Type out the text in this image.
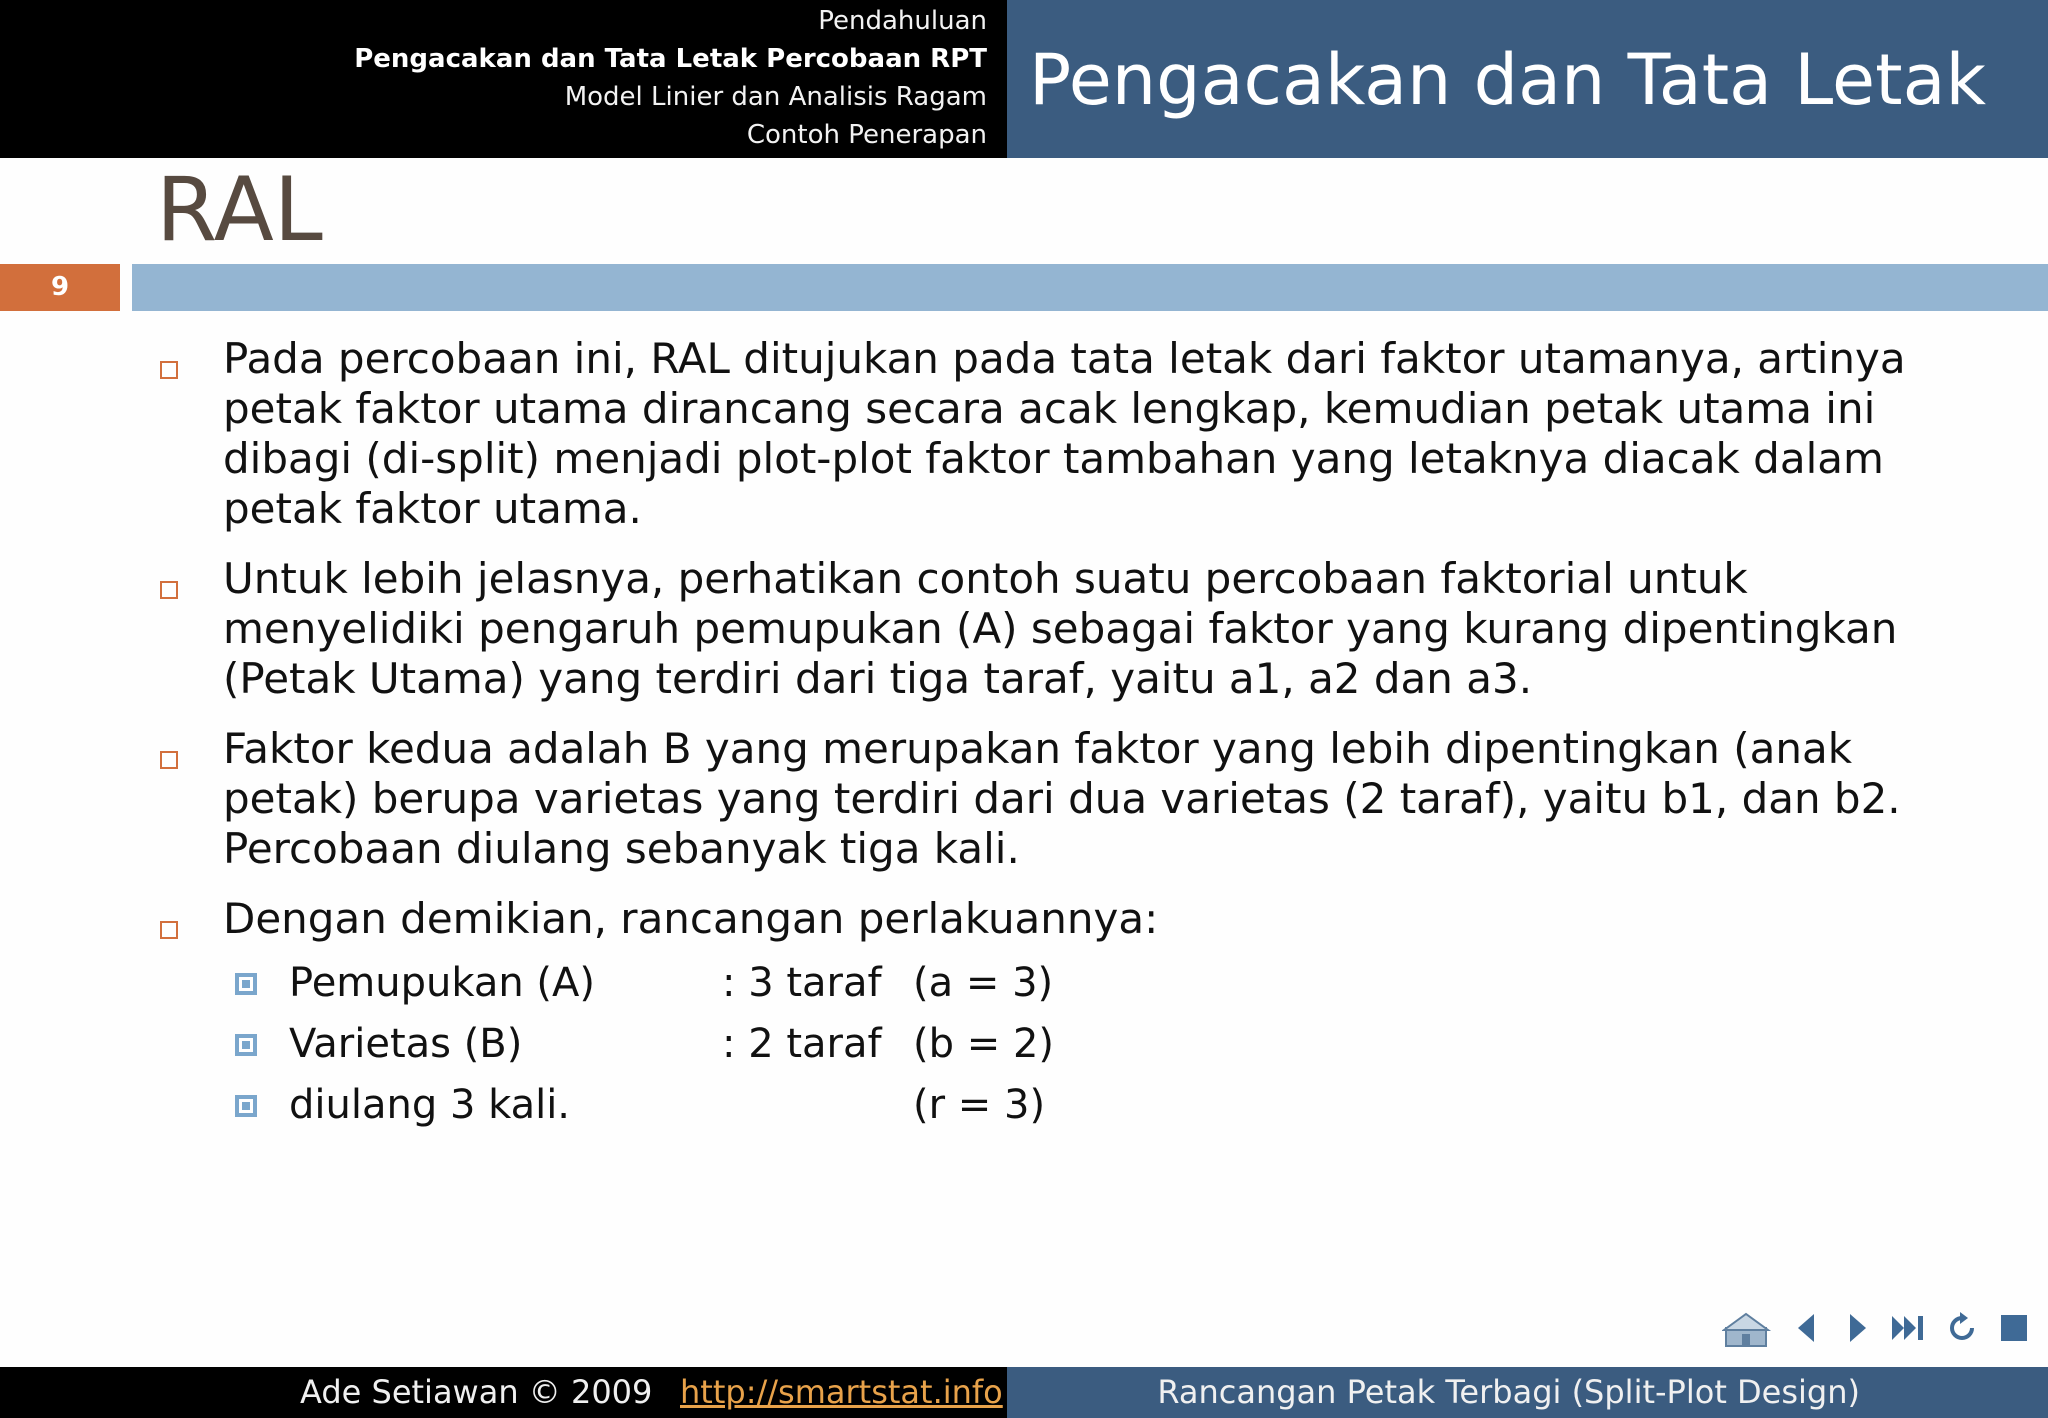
Pendahuluan
Pengacakan dan Tata Letak Percobaan RPT
Model Linier dan Analisis Ragam
Contoh Penerapan
Pengacakan dan Tata Letak
RAL
9
Pada percobaan ini, RAL ditujukan pada tata letak dari faktor utamanya, artinya
petak faktor utama dirancang secara acak lengkap, kemudian petak utama ini
dibagi (di-split) menjadi plot-plot faktor tambahan yang letaknya diacak dalam
petak faktor utama.
Untuk lebih jelasnya, perhatikan contoh suatu percobaan faktorial untuk
menyelidiki pengaruh pemupukan (A) sebagai faktor yang kurang dipentingkan
(Petak Utama) yang terdiri dari tiga taraf, yaitu a1, a2 dan a3.
Faktor kedua adalah B yang merupakan faktor yang lebih dipentingkan (anak
petak) berupa varietas yang terdiri dari dua varietas (2 taraf), yaitu b1, dan b2.
Percobaan diulang sebanyak tiga kali.
Dengan demikian, rancangan perlakuannya:
Pemupukan (A)	: 3 taraf (a = 3)
Varietas (B)	: 2 taraf (b = 2)
diulang 3 kali.	(r = 3)
Ade Setiawan © 2009 http://smartstat.info	Rancangan Petak Terbagi (Split-Plot Design)
